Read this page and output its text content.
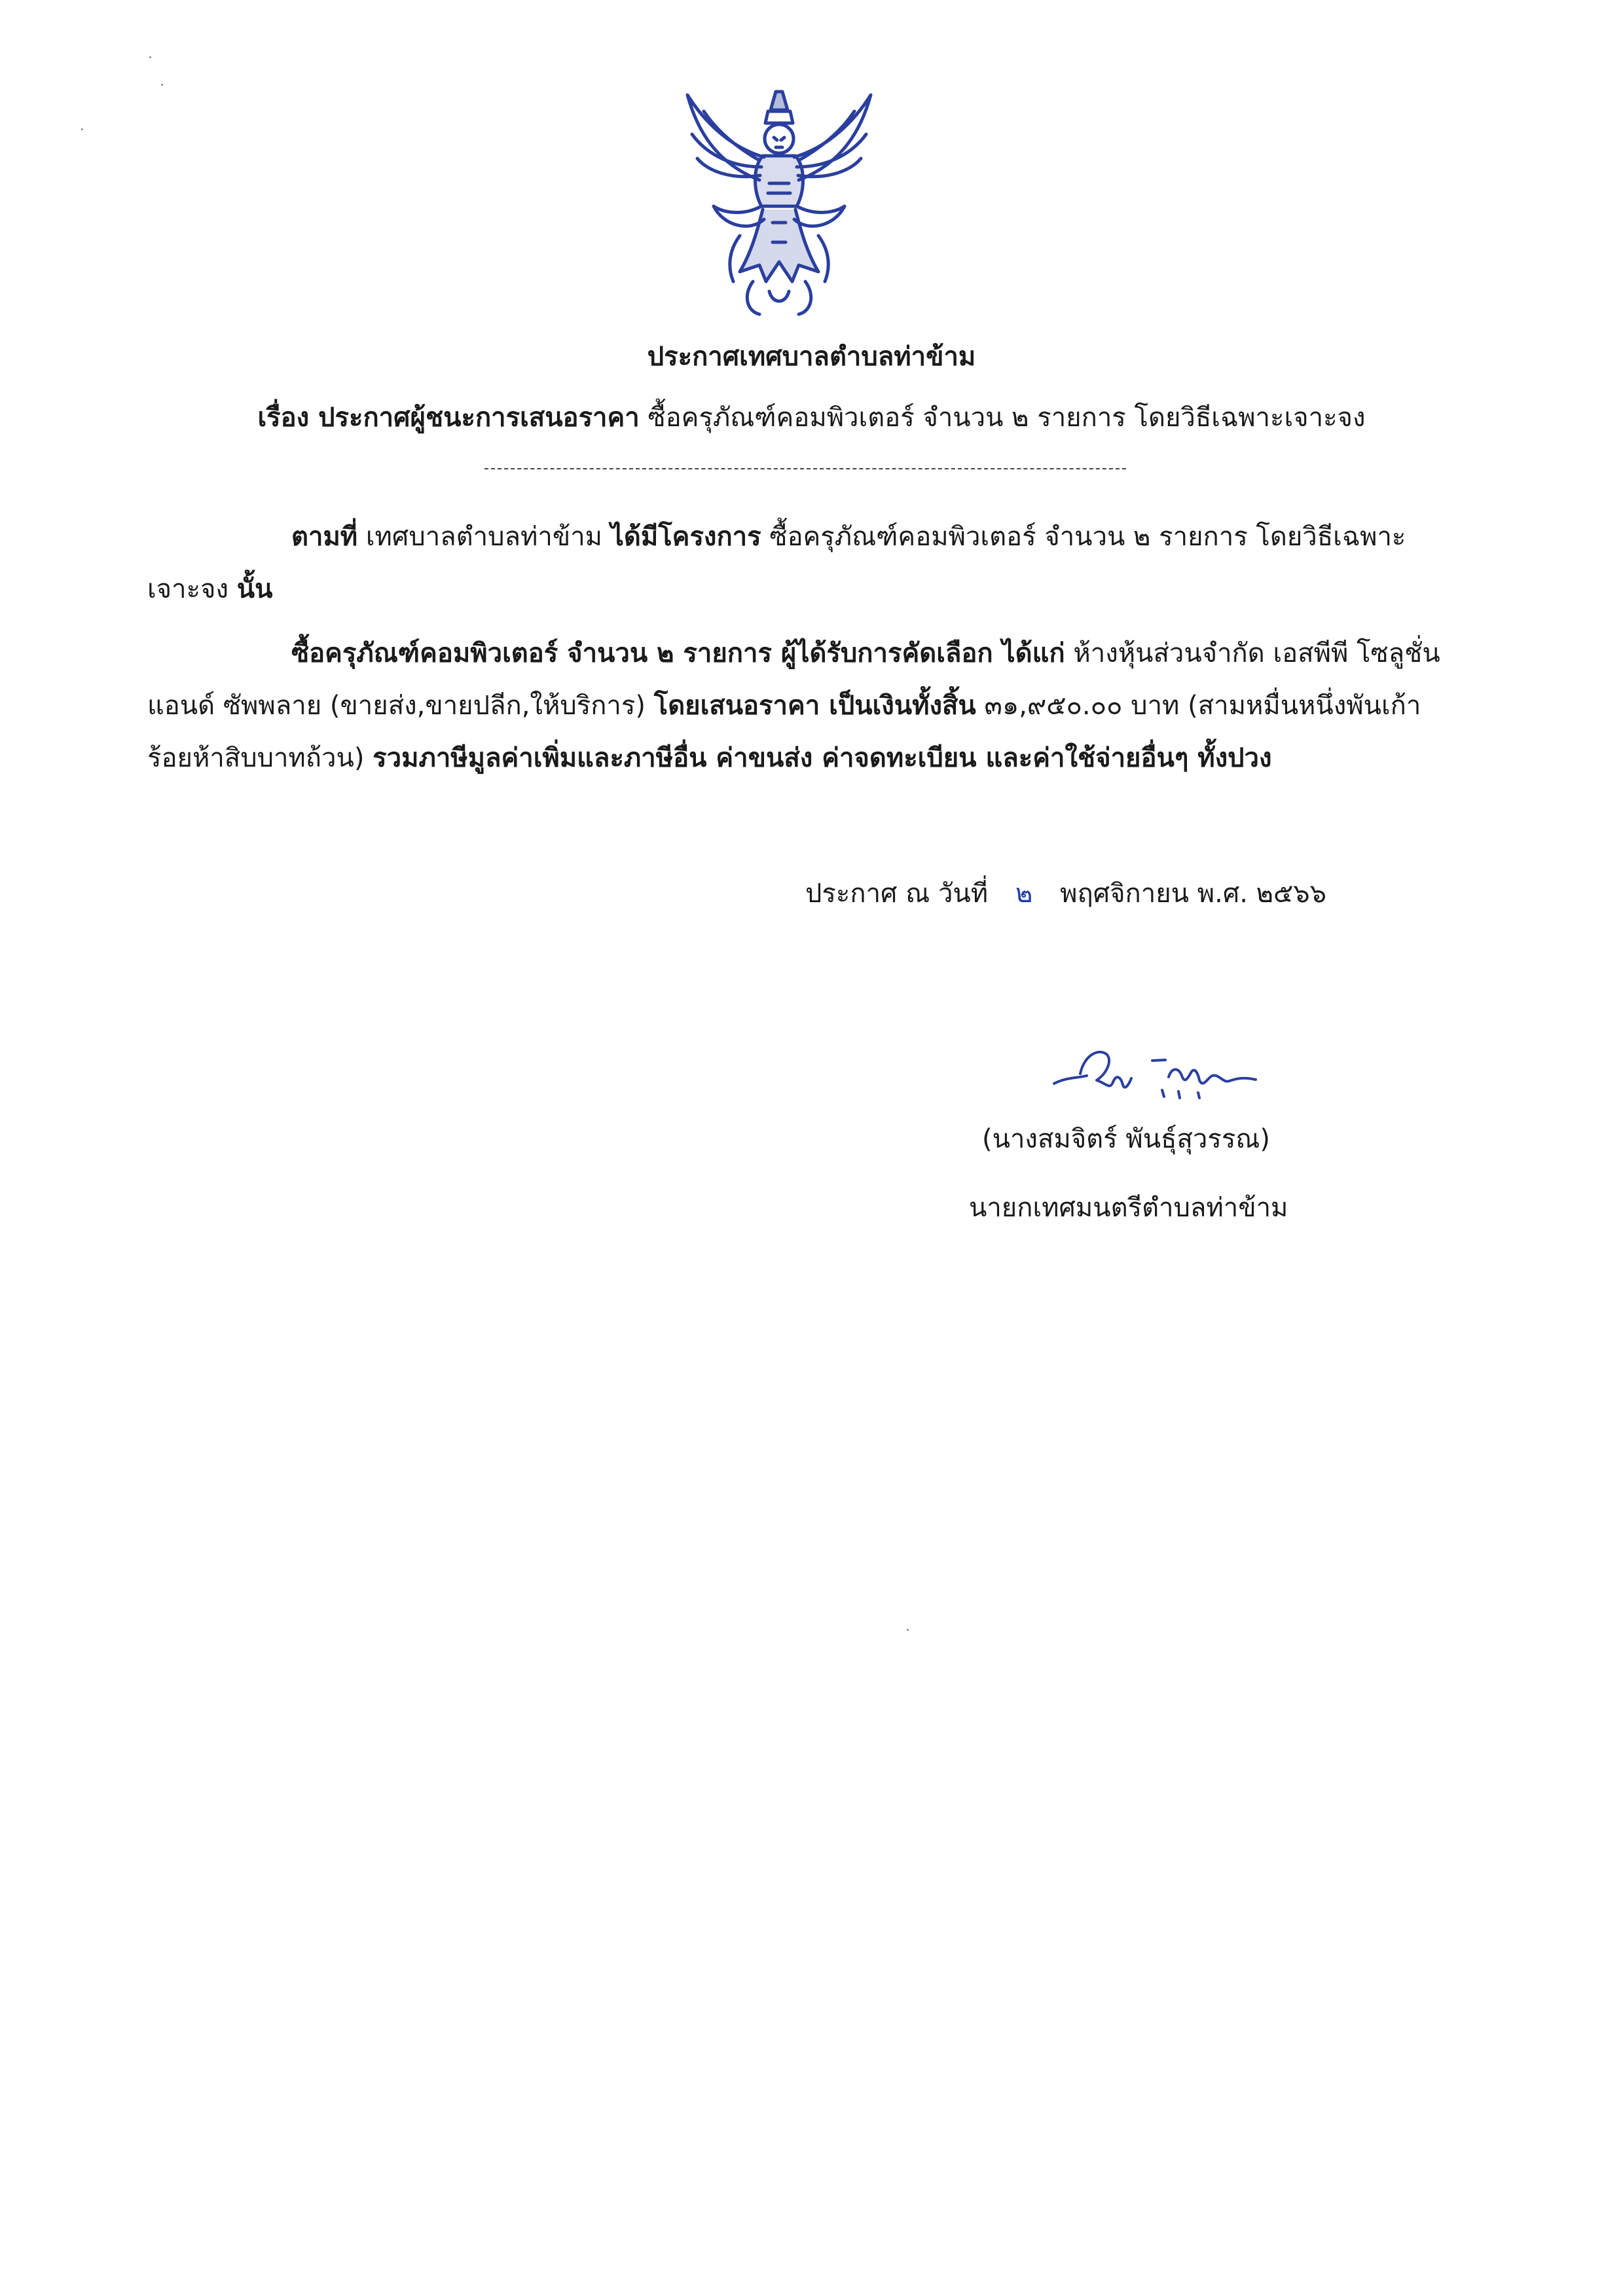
ประกาศเทศบาลตำบลท่าข้าม
เรื่อง ประกาศผู้ชนะการเสนอราคา ซื้อครุภัณฑ์คอมพิวเตอร์ จำนวน ๒ รายการ โดยวิธีเฉพาะเจาะจง
ตามที่ เทศบาลตำบลท่าข้าม ได้มีโครงการ ซื้อครุภัณฑ์คอมพิวเตอร์ จำนวน ๒ รายการ โดยวิธีเฉพาะเจาะจง นั้น
ซื้อครุภัณฑ์คอมพิวเตอร์ จำนวน ๒ รายการ ผู้ได้รับการคัดเลือก ได้แก่ ห้างหุ้นส่วนจำกัด เอสพีพี โซลูชั่น แอนด์ ซัพพลาย (ขายส่ง,ขายปลีก,ให้บริการ) โดยเสนอราคา เป็นเงินทั้งสิ้น ๓๑,๙๕๐.๐๐ บาท (สามหมื่นหนึ่งพันเก้าร้อยห้าสิบบาทถ้วน) รวมภาษีมูลค่าเพิ่มและภาษีอื่น ค่าขนส่ง ค่าจดทะเบียน และค่าใช้จ่ายอื่นๆ ทั้งปวง
ประกาศ ณ วันที่ ๒ พฤศจิกายน พ.ศ. ๒๕๖๖
(นางสมจิตร์ พันธุ์สุวรรณ)
นายกเทศมนตรีตำบลท่าข้าม
